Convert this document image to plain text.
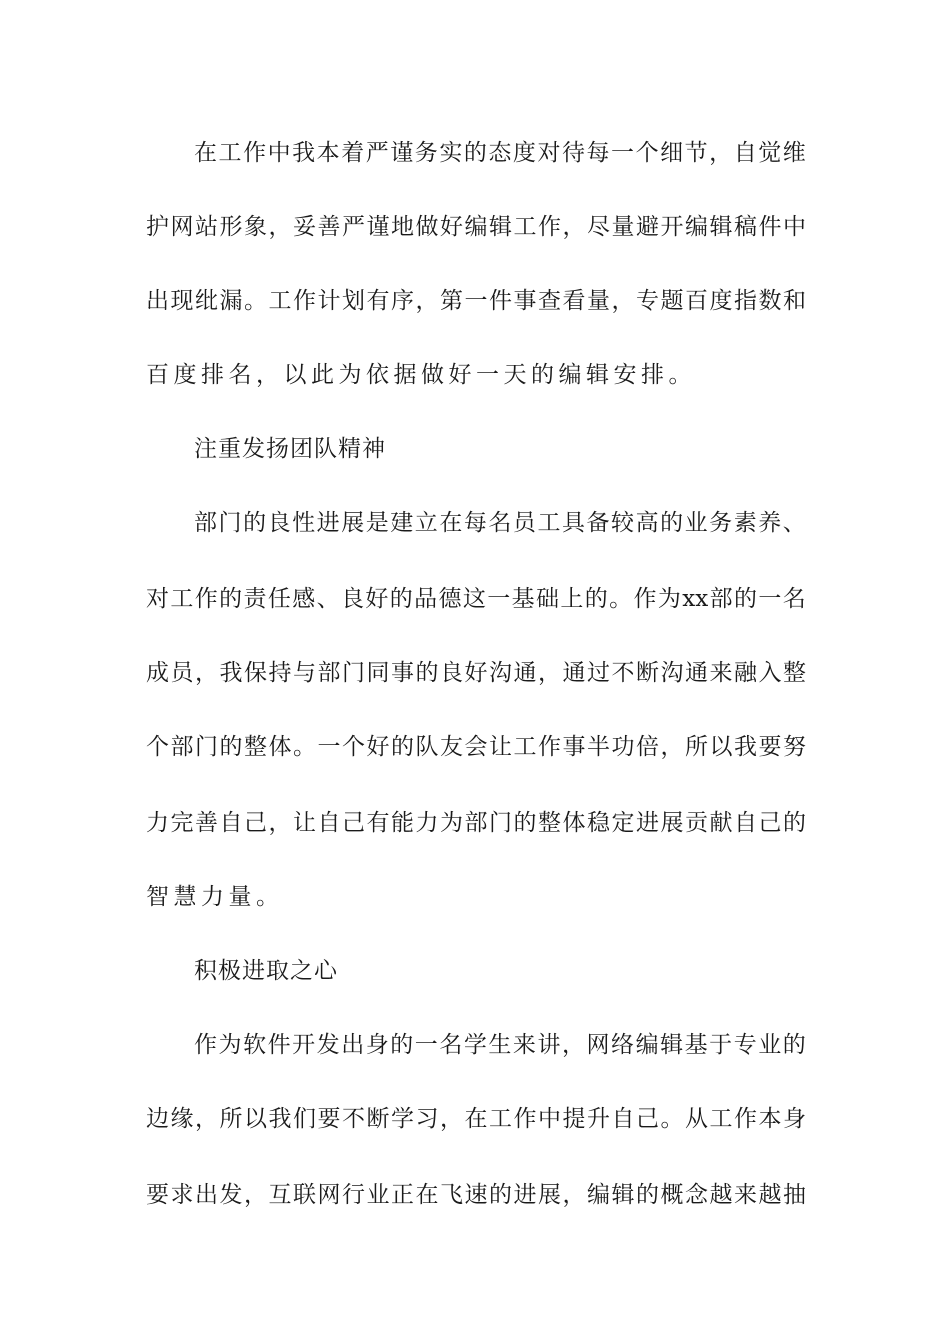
在 工 作 中 我 本 着 严 谨 务 实 的 态 度 对 待 每 一 个 细 节 ， 自 觉 维

护 网 站 形 象 ， 妥 善 严 谨 地 做 好 编 辑 工 作 ， 尽 量 避 开 编 辑 稿 件 中

出 现 纰 漏 。 工 作 计 划 有 序 ， 第 一 件 事 查 看 量 ， 专 题 百 度 指 数 和

百度排名，以此为依据做好一天的编辑安排。

注重发扬团队精神

部 门 的 良 性 进 展 是 建 立 在 每 名 员 工 具 备 较 高 的 业 务 素 养 、

对 工 作 的 责 任 感 、 良 好 的 品 德 这 一 基 础 上 的 。 作 为 xx 部 的 一 名

成 员 ， 我 保 持 与 部 门 同 事 的 良 好 沟 通 ， 通 过 不 断 沟 通 来 融 入 整

个 部 门 的 整 体 。 一 个 好 的 队 友 会 让 工 作 事 半 功 倍 ， 所 以 我 要 努

力 完 善 自 己 ， 让 自 己 有 能 力 为 部 门 的 整 体 稳 定 进 展 贡 献 自 己 的

智慧力量。

积极进取之心

作 为 软 件 开 发 出 身 的 一 名 学 生 来 讲 ， 网 络 编 辑 基 于 专 业 的

边 缘 ， 所 以 我 们 要 不 断 学 习 ， 在 工 作 中 提 升 自 己 。 从 工 作 本 身

要 求 出 发 ， 互 联 网 行 业 正 在 飞 速 的 进 展 ， 编 辑 的 概 念 越 来 越 抽
